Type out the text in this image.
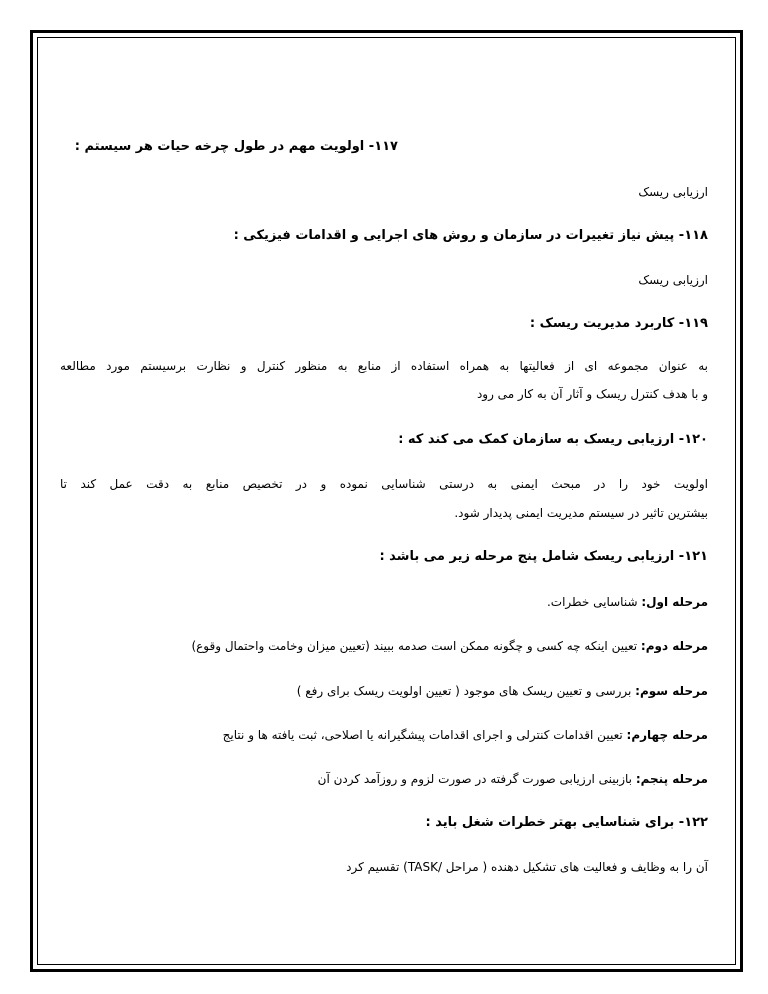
۱۱۷- اولویت مهم در طول چرخه حیات هر سیستم :
ارزیابی ریسک
۱۱۸- پیش نیاز تغییرات در سازمان و روش های اجرایی و اقدامات فیزیکی :
ارزیابی ریسک
۱۱۹- کاربرد مدیریت ریسک :
به عنوان مجموعه ای از فعالیتها به همراه استفاده از منابع به منظور کنترل و نظارت برسیستم مورد مطالعه
و با هدف کنترل ریسک و آثار آن به کار می رود
۱۲۰- ارزیابی ریسک به سازمان کمک می کند که :
اولویت خود را در مبحث ایمنی به درستی شناسایی نموده و در تخصیص منابع به دقت عمل کند تا
بیشترین تاثیر در سیستم مدیریت ایمنی پدیدار شود.
۱۲۱- ارزیابی ریسک شامل پنج مرحله زیر می باشد :
مرحله اول: شناسایی خطرات.
مرحله دوم: تعیین اینکه چه کسی و چگونه ممکن است صدمه ببیند (تعیین میزان وخامت واحتمال وقوع)
مرحله سوم: بررسی و تعیین ریسک های موجود ( تعیین اولویت ریسک برای رفع )
مرحله چهارم: تعیین اقدامات کنترلی و اجرای اقدامات پیشگیرانه یا اصلاحی، ثبت یافته ها و نتایج
مرحله پنجم: بازبینی ارزیابی صورت گرفته در صورت لزوم و روزآمد کردن آن
۱۲۲- برای شناسایی بهتر خطرات شغل باید :
آن را به وظایف و فعالیت های تشکیل دهنده ( مراحل /TASK) تقسیم کرد
